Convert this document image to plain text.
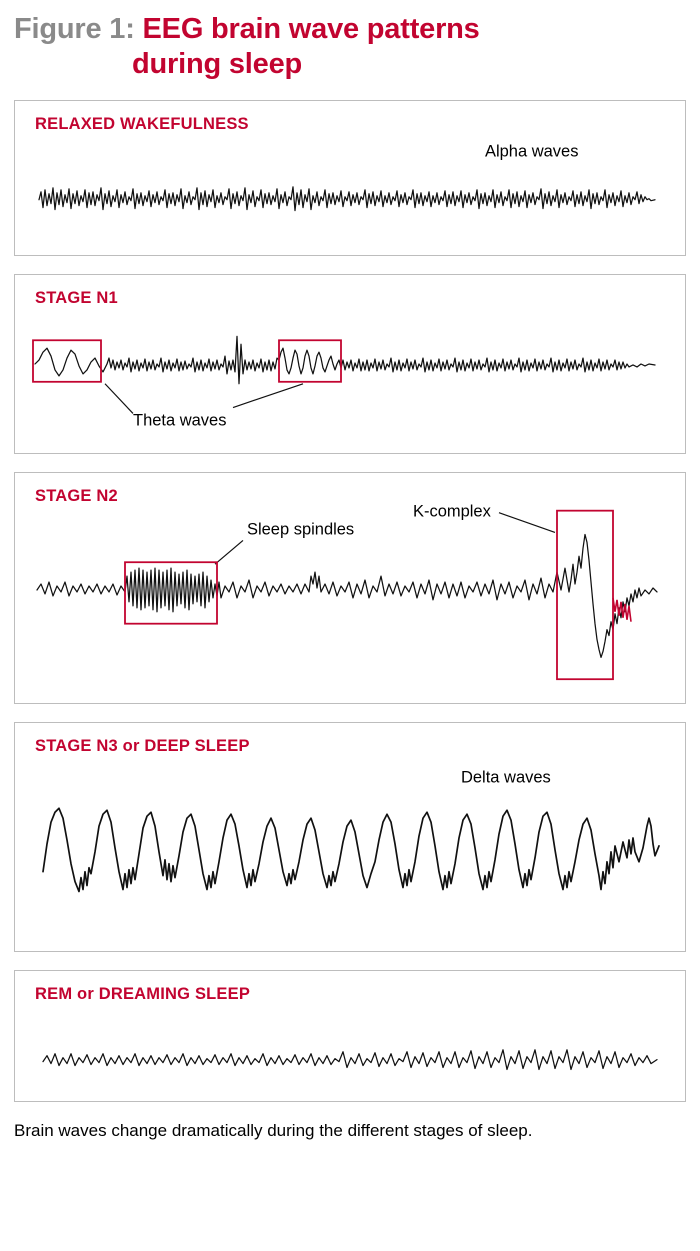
Figure 1: EEG brain wave patterns
during sleep
RELAXED WAKEFULNESS
Alpha waves
STAGE N1
Theta waves
STAGE N2
Sleep spindles
K-complex
STAGE N3 or DEEP SLEEP
Delta waves
REM or DREAMING SLEEP
Brain waves change dramatically during the different stages of sleep.
